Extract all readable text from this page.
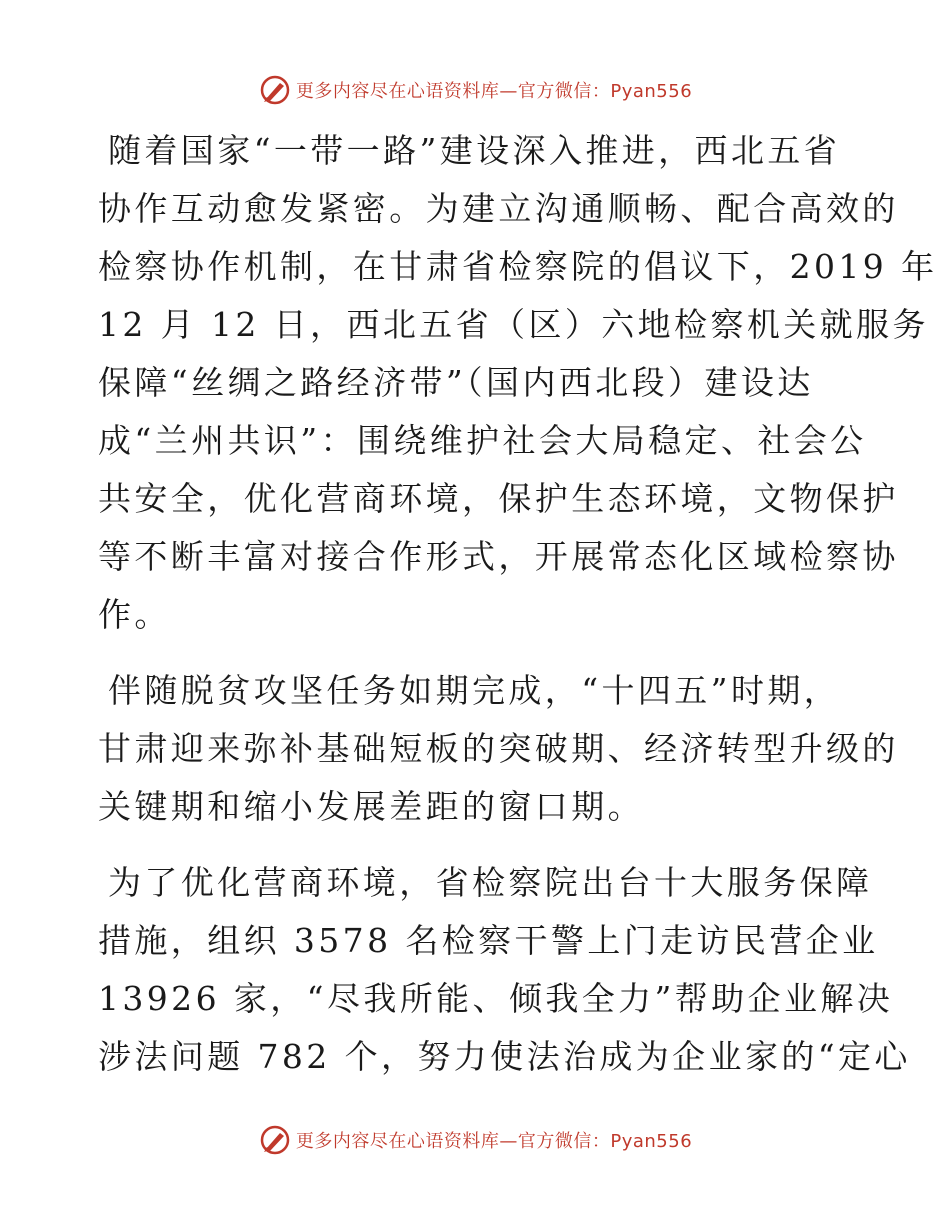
更多内容尽在心语资料库—官方微信：Pyan556

随着国家“一带一路”建设深入推进，西北五省
协作互动愈发紧密。为建立沟通顺畅、配合高效的
检察协作机制，在甘肃省检察院的倡议下，2019 年
12 月 12 日，西北五省（区）六地检察机关就服务
保障“丝绸之路经济带”（国内西北段）建设达
成“兰州共识”：围绕维护社会大局稳定、社会公
共安全，优化营商环境，保护生态环境，文物保护
等不断丰富对接合作形式，开展常态化区域检察协
作。

伴随脱贫攻坚任务如期完成，“十四五”时期，
甘肃迎来弥补基础短板的突破期、经济转型升级的
关键期和缩小发展差距的窗口期。

为了优化营商环境，省检察院出台十大服务保障
措施，组织 3578 名检察干警上门走访民营企业
13926 家，“尽我所能、倾我全力”帮助企业解决
涉法问题 782 个，努力使法治成为企业家的“定心

更多内容尽在心语资料库—官方微信：Pyan556
